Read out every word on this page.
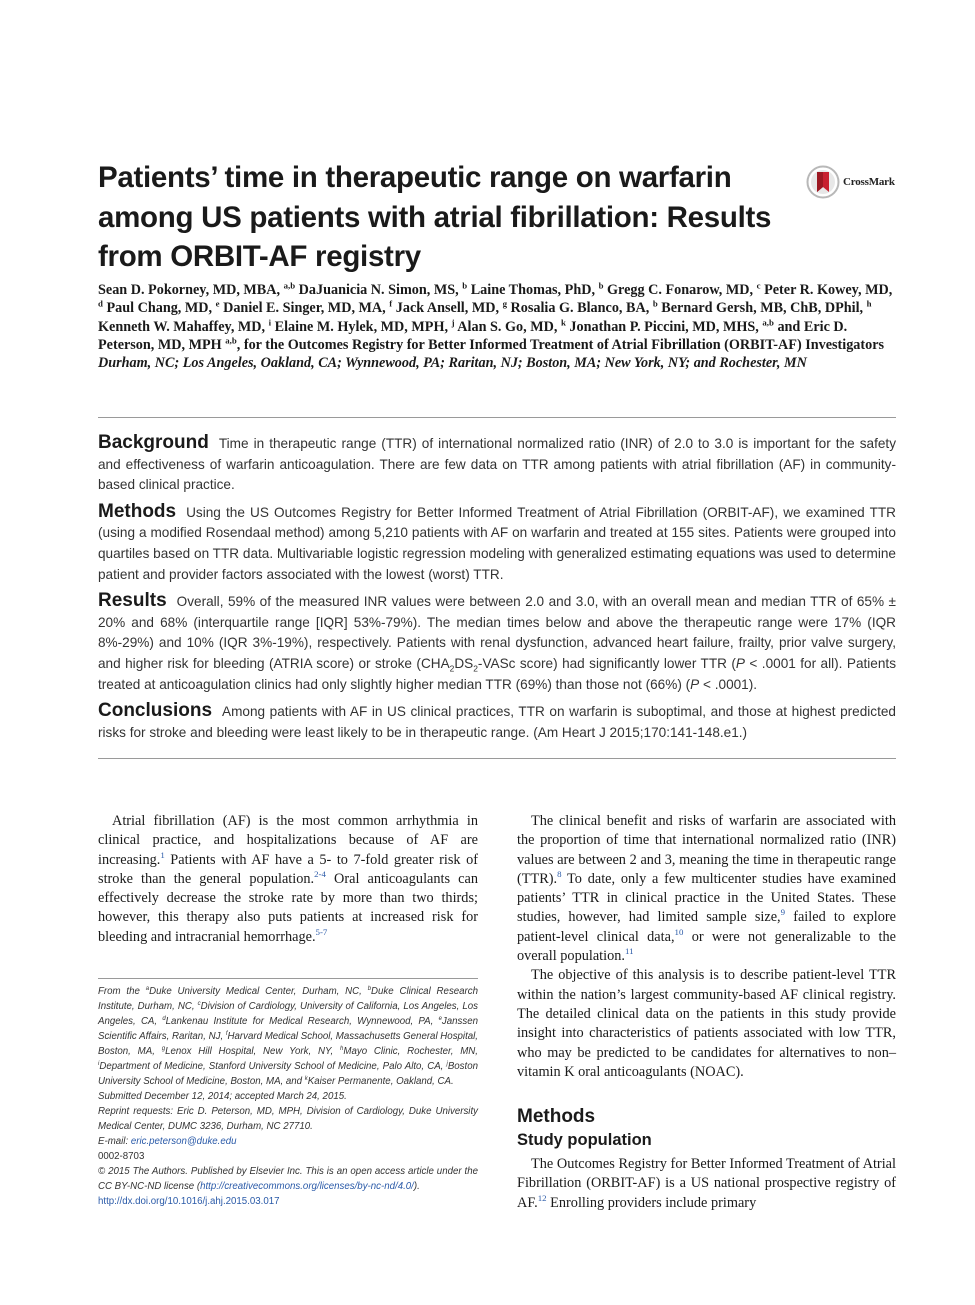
Patients’ time in therapeutic range on warfarin among US patients with atrial fibrillation: Results from ORBIT-AF registry
CrossMark

Sean D. Pokorney, MD, MBA, $^{a,b}$ DaJuanicia N. Simon, MS, $^b$ Laine Thomas, PhD, $^b$ Gregg C. Fonarow, MD, $^c$ Peter R. Kowey, MD, $^d$ Paul Chang, MD, $^e$ Daniel E. Singer, MD, MA, $^f$ Jack Ansell, MD, $^g$ Rosalia G. Blanco, BA, $^b$ Bernard Gersh, MB, ChB, DPhil, $^h$ Kenneth W. Mahaffey, MD, $^i$ Elaine M. Hylek, MD, MPH, $^j$ Alan S. Go, MD, $^k$ Jonathan P. Piccini, MD, MHS, $^{a,b}$ and Eric D. Peterson, MD, MPH $^{a,b}$, for the Outcomes Registry for Better Informed Treatment of Atrial Fibrillation (ORBIT-AF) Investigators Durham, NC; Los Angeles, Oakland, CA; Wynnewood, PA; Raritan, NJ; Boston, MA; New York, NY; and Rochester, MN

Background Time in therapeutic range (TTR) of international normalized ratio (INR) of 2.0 to 3.0 is important for the safety and effectiveness of warfarin anticoagulation. There are few data on TTR among patients with atrial fibrillation (AF) in community-based clinical practice.

Methods Using the US Outcomes Registry for Better Informed Treatment of Atrial Fibrillation (ORBIT-AF), we examined TTR (using a modified Rosendaal method) among 5,210 patients with AF on warfarin and treated at 155 sites. Patients were grouped into quartiles based on TTR data. Multivariable logistic regression modeling with generalized estimating equations was used to determine patient and provider factors associated with the lowest (worst) TTR.

Results Overall, 59% of the measured INR values were between 2.0 and 3.0, with an overall mean and median TTR of 65% ± 20% and 68% (interquartile range [IQR] 53%-79%). The median times below and above the therapeutic range were 17% (IQR 8%-29%) and 10% (IQR 3%-19%), respectively. Patients with renal dysfunction, advanced heart failure, frailty, prior valve surgery, and higher risk for bleeding (ATRIA score) or stroke ($CHA_2DS_2$-VASc score) had significantly lower TTR (P < .0001 for all). Patients treated at anticoagulation clinics had only slightly higher median TTR (69%) than those not (66%) (P < .0001).

Conclusions Among patients with AF in US clinical practices, TTR on warfarin is suboptimal, and those at highest predicted risks for stroke and bleeding were least likely to be in therapeutic range. (Am Heart J 2015;170:141-148.e1.)

Atrial fibrillation (AF) is the most common arrhythmia in clinical practice, and hospitalizations because of AF are increasing.$^1$ Patients with AF have a 5- to 7-fold greater risk of stroke than the general population.$^{2-4}$ Oral anticoagulants can effectively decrease the stroke rate by more than two thirds; however, this therapy also puts patients at increased risk for bleeding and intracranial hemorrhage.$^{5-7}$

From the $^a$Duke University Medical Center, Durham, NC, $^b$Duke Clinical Research Institute, Durham, NC, $^c$Division of Cardiology, University of California, Los Angeles, Los Angeles, CA, $^d$Lankenau Institute for Medical Research, Wynnewood, PA, $^e$Janssen Scientific Affairs, Raritan, NJ, $^f$Harvard Medical School, Massachusetts General Hospital, Boston, MA, $^g$Lenox Hill Hospital, New York, NY, $^h$Mayo Clinic, Rochester, MN, $^i$Department of Medicine, Stanford University School of Medicine, Palo Alto, CA, $^j$Boston University School of Medicine, Boston, MA, and $^k$Kaiser Permanente, Oakland, CA.

Submitted December 12, 2014; accepted March 24, 2015.

Reprint requests: Eric D. Peterson, MD, MPH, Division of Cardiology, Duke University Medical Center, DUMC 3236, Durham, NC 27710.

E-mail: eric.peterson@duke.edu

0002-8703

© 2015 The Authors. Published by Elsevier Inc. This is an open access article under the CC BY-NC-ND license (http://creativecommons.org/licenses/by-nc-nd/4.0/).

http://dx.doi.org/10.1016/j.ahj.2015.03.017

The clinical benefit and risks of warfarin are associated with the proportion of time that international normalized ratio (INR) values are between 2 and 3, meaning the time in therapeutic range (TTR).$^8$ To date, only a few multicenter studies have examined patients’ TTR in clinical practice in the United States. These studies, however, had limited sample size,$^9$ failed to explore patient-level clinical data,$^{10}$ or were not generalizable to the overall population.$^{11}$

The objective of this analysis is to describe patient-level TTR within the nation’s largest community-based AF clinical registry. The detailed clinical data on the patients in this study provide insight into characteristics of patients associated with low TTR, who may be predicted to be candidates for alternatives to non–vitamin K oral anticoagulants (NOAC).

Methods
Study population

The Outcomes Registry for Better Informed Treatment of Atrial Fibrillation (ORBIT-AF) is a US national prospective registry of AF.$^{12}$ Enrolling providers include primary
